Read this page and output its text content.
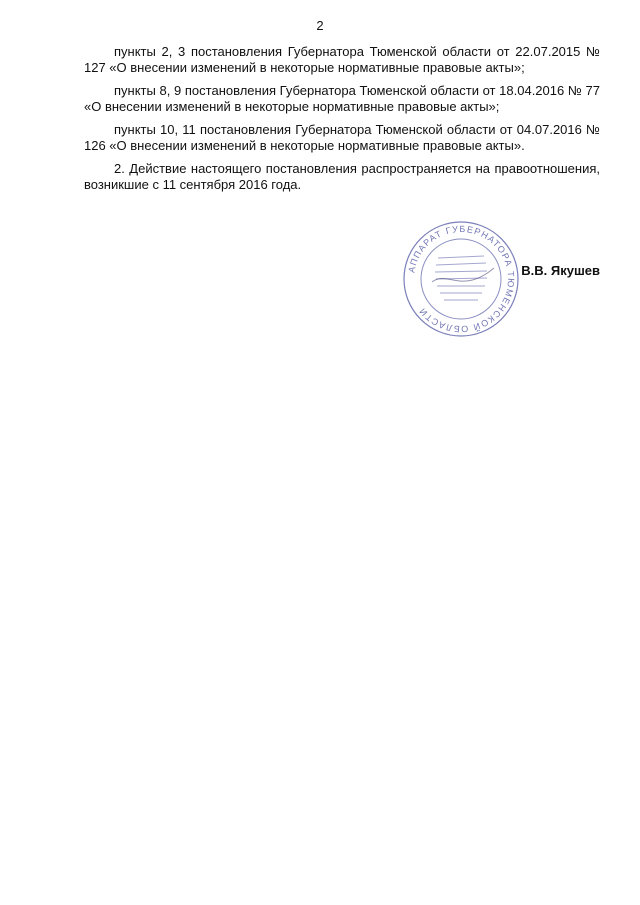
2

пункты 2, 3 постановления Губернатора Тюменской области от 22.07.2015 № 127 «О внесении изменений в некоторые нормативные правовые акты»;

пункты 8, 9 постановления Губернатора Тюменской области от 18.04.2016 № 77 «О внесении изменений в некоторые нормативные правовые акты»;

пункты 10, 11 постановления Губернатора Тюменской области от 04.07.2016 № 126 «О внесении изменений в некоторые нормативные правовые акты».

2. Действие настоящего постановления распространяется на правоотношения, возникшие с 11 сентября 2016 года.

АППАРАТ ГУБЕРНАТОРА ТЮМЕНСКОЙ ОБЛАСТИ
В.В. Якушев
